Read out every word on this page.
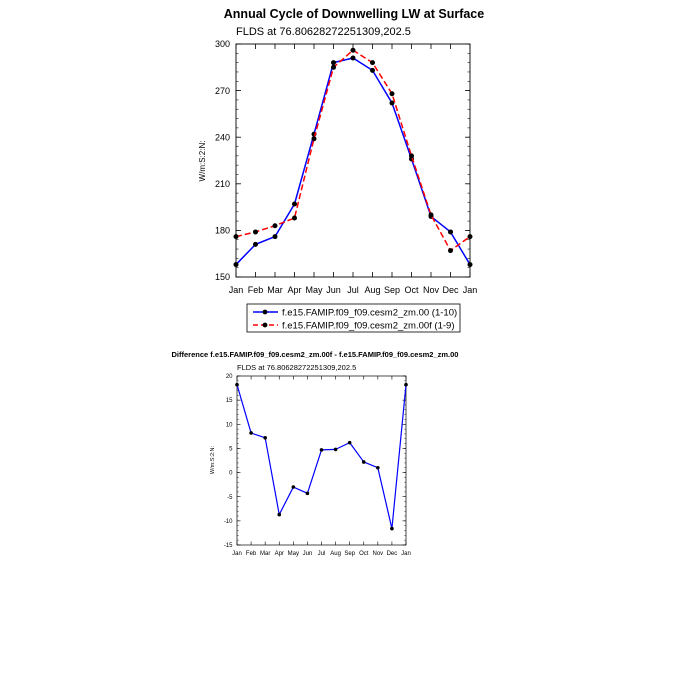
Annual Cycle of Downwelling LW at Surface
FLDS at 76.80628272251309,202.5
W/m:S:2:N:
150
180
210
240
270
300
Jan Feb Mar Apr May Jun Jul Aug Sep Oct Nov Dec Jan
f.e15.FAMIP.f09_f09.cesm2_zm.00 (1-10)
f.e15.FAMIP.f09_f09.cesm2_zm.00f (1-9)
Difference f.e15.FAMIP.f09_f09.cesm2_zm.00f - f.e15.FAMIP.f09_f09.cesm2_zm.00
FLDS at 76.80628272251309,202.5
W/m:S:2:N:
-15
-10
-5
0
5
10
15
20
Jan Feb Mar Apr May Jun Jul Aug Sep Oct Nov Dec Jan
